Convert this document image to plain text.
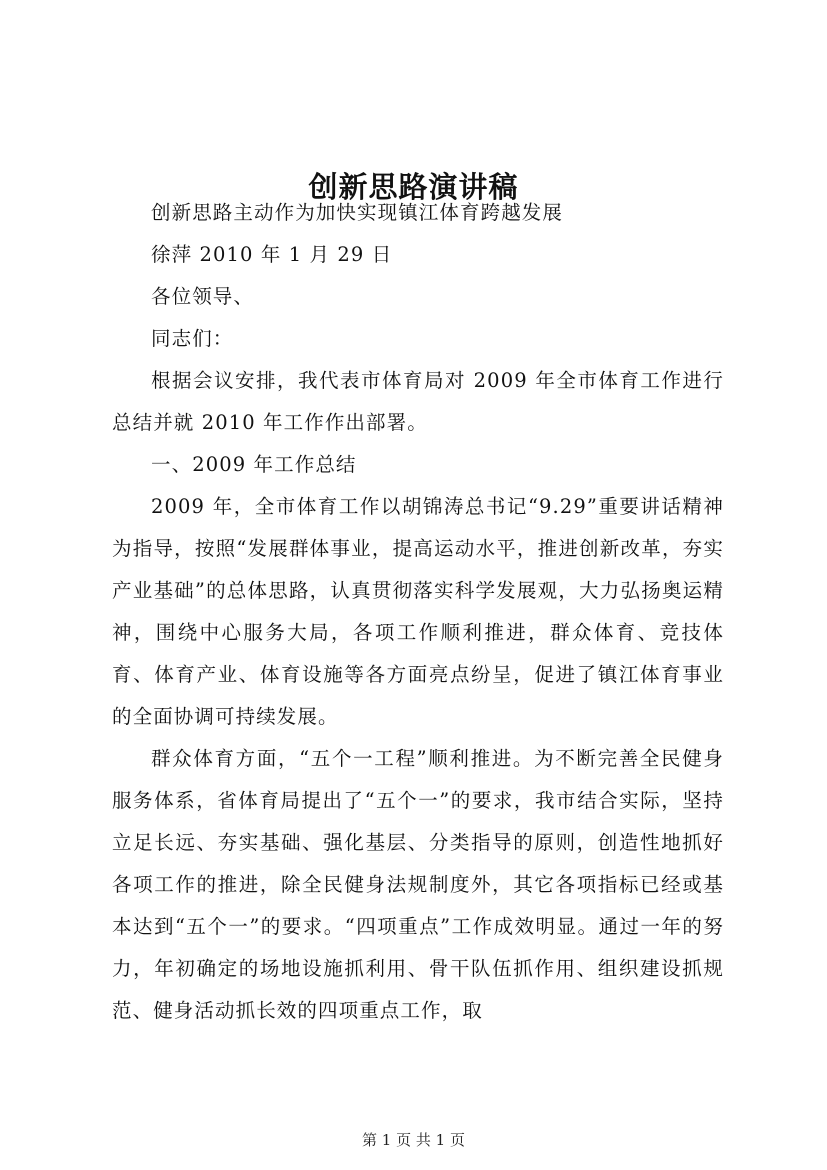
创新思路演讲稿

创新思路主动作为加快实现镇江体育跨越发展

徐萍 2010 年 1 月 29 日

各位领导、

同志们：

根据会议安排，我代表市体育局对 2009 年全市体育工作进行总结并就 2010 年工作作出部署。

一、2009 年工作总结

2009 年，全市体育工作以胡锦涛总书记“9.29”重要讲话精神为指导，按照“发展群体事业，提高运动水平，推进创新改革，夯实产业基础”的总体思路，认真贯彻落实科学发展观，大力弘扬奥运精神，围绕中心服务大局，各项工作顺利推进，群众体育、竞技体育、体育产业、体育设施等各方面亮点纷呈，促进了镇江体育事业的全面协调可持续发展。

群众体育方面，“五个一工程”顺利推进。为不断完善全民健身服务体系，省体育局提出了“五个一”的要求，我市结合实际，坚持立足长远、夯实基础、强化基层、分类指导的原则，创造性地抓好各项工作的推进，除全民健身法规制度外，其它各项指标已经或基本达到“五个一”的要求。“四项重点”工作成效明显。通过一年的努力，年初确定的场地设施抓利用、骨干队伍抓作用、组织建设抓规范、健身活动抓长效的四项重点工作，取

第 1 页 共 1 页
